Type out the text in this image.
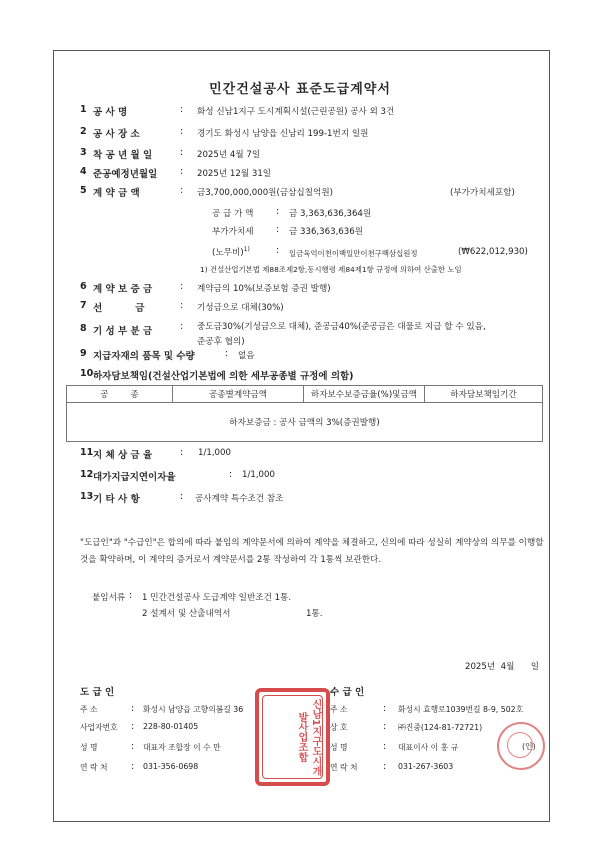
민간건설공사 표준도급계약서
1 공 사 명	: 화성 신남1지구 도시계획시설(근린공원) 공사 외 3건
2 공 사 장 소	: 경기도 화성시 남양읍 신남리 199-1번지 일원
3 착 공 년 월 일	: 2025년 4월 7일
4 준공예정년월일 : 2025년 12월 31일
5 계 약 금 액	: 금3,700,000,000원(금삼십칠억원)	(부가가치세포함)
공 급 가 액 : 금 3,363,636,364원
부가가치세 : 금 336,363,636원
(노무비)$^{1)}$	: 일금육억이천이백일만이천구백삼십원정	(₩622,012,930)
1) 건설산업기본법 제88조제2항,동시행령 제84제1항 규정에 의하여 산출한 노임
6 계 약 보 증 금	: 계약금의 10%(보증보험 증권 발행)
7 선          금	: 기성금으로 대체(30%)
8 기 성 부 분 금	: 중도금30%(기성금으로 대체), 준공금40%(준공금은 대물로 지급 할 수 있음,
준공후 협의)
9 지급자재의 품목 및 수량	: 없음
10 하자담보책임(건설산업기본법에 의한 세부공종별 규정에 의함)
공        종	공종별계약금액	하자보수보증금율(%)및금액	하자담보책임기간
하자보증금 : 공사 금액의 3%(증권발행)
11 지 체 상 금 율	: 1/1,000
12 대가지급지연이자율	: 1/1,000
13 기 타 사 항	: 공사계약 특수조건 참조
"도급인"과 "수급인"은 합의에 따라 붙임의 계약문서에 의하여 계약을 체결하고, 신의에 따라 성실히 계약상의 의무를 이행할 것을 확약하며, 이 계약의 증거로서 계약문서를 2통 작성하여 각 1통씩 보관한다.
붙임서류 : 1 민간건설공사 도급계약 일반조건 1통.
2 설계서 및 산출내역서	1통.
2025년  4월      일
도 급 인
주 소	: 화성시 남양읍 고향의봄길 36
사업자번호 : 228-80-01405
성 명	: 대표자 조합장 이 수 만
연 락 처 : 031-356-0698	신남1지구도시개발사업조합
수 급 인
주 소	: 화성시 효행로1039번길 8-9, 502호
상 호	: ㈜진중(124-81-72721)
성 명	: 대표이사 이 홍 규	(인)
연 락 처	: 031-267-3603
